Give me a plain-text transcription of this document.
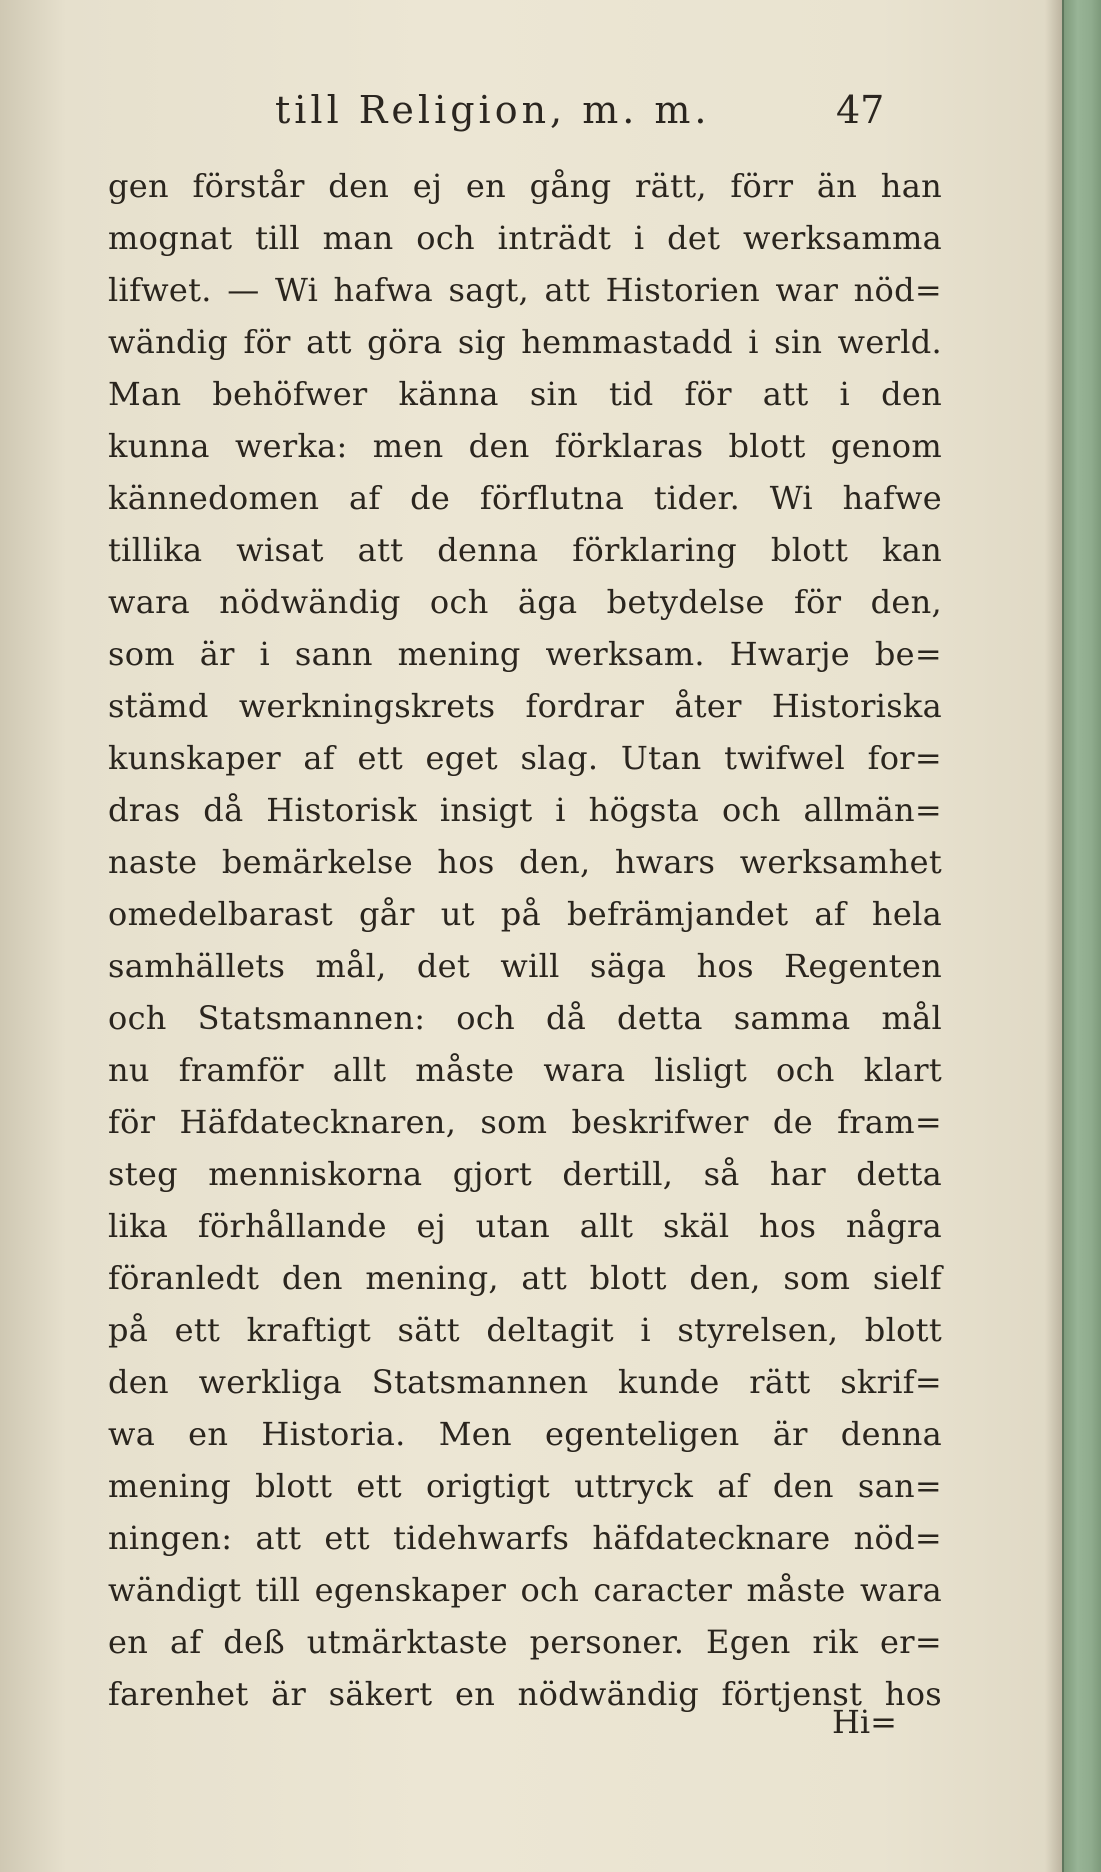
till Religion, m. m.	47
gen förstår den ej en gång rätt, förr än han
mognat till man och inträdt i det werksamma
lifwet. — Wi hafwa sagt, att Historien war nöd=
wändig för att göra sig hemmastadd i sin werld.
Man behöfwer känna sin tid för att i den
kunna werka: men den förklaras blott genom
kännedomen af de förflutna tider. Wi hafwe
tillika wisat att denna förklaring blott kan
wara nödwändig och äga betydelse för den,
som är i sann mening werksam. Hwarje be=
stämd werkningskrets fordrar åter Historiska
kunskaper af ett eget slag. Utan twifwel for=
dras då Historisk insigt i högsta och allmän=
naste bemärkelse hos den, hwars werksamhet
omedelbarast går ut på befrämjandet af hela
samhällets mål, det will säga hos Regenten
och Statsmannen: och då detta samma mål
nu framför allt måste wara lisligt och klart
för Häfdatecknaren, som beskrifwer de fram=
steg menniskorna gjort dertill, så har detta
lika förhållande ej utan allt skäl hos några
föranledt den mening, att blott den, som sielf
på ett kraftigt sätt deltagit i styrelsen, blott
den werkliga Statsmannen kunde rätt skrif=
wa en Historia. Men egenteligen är denna
mening blott ett origtigt uttryck af den san=
ningen: att ett tidehwarfs häfdatecknare nöd=
wändigt till egenskaper och caracter måste wara
en af deß utmärktaste personer. Egen rik er=
farenhet är säkert en nödwändig förtjenst hos
Hi=
